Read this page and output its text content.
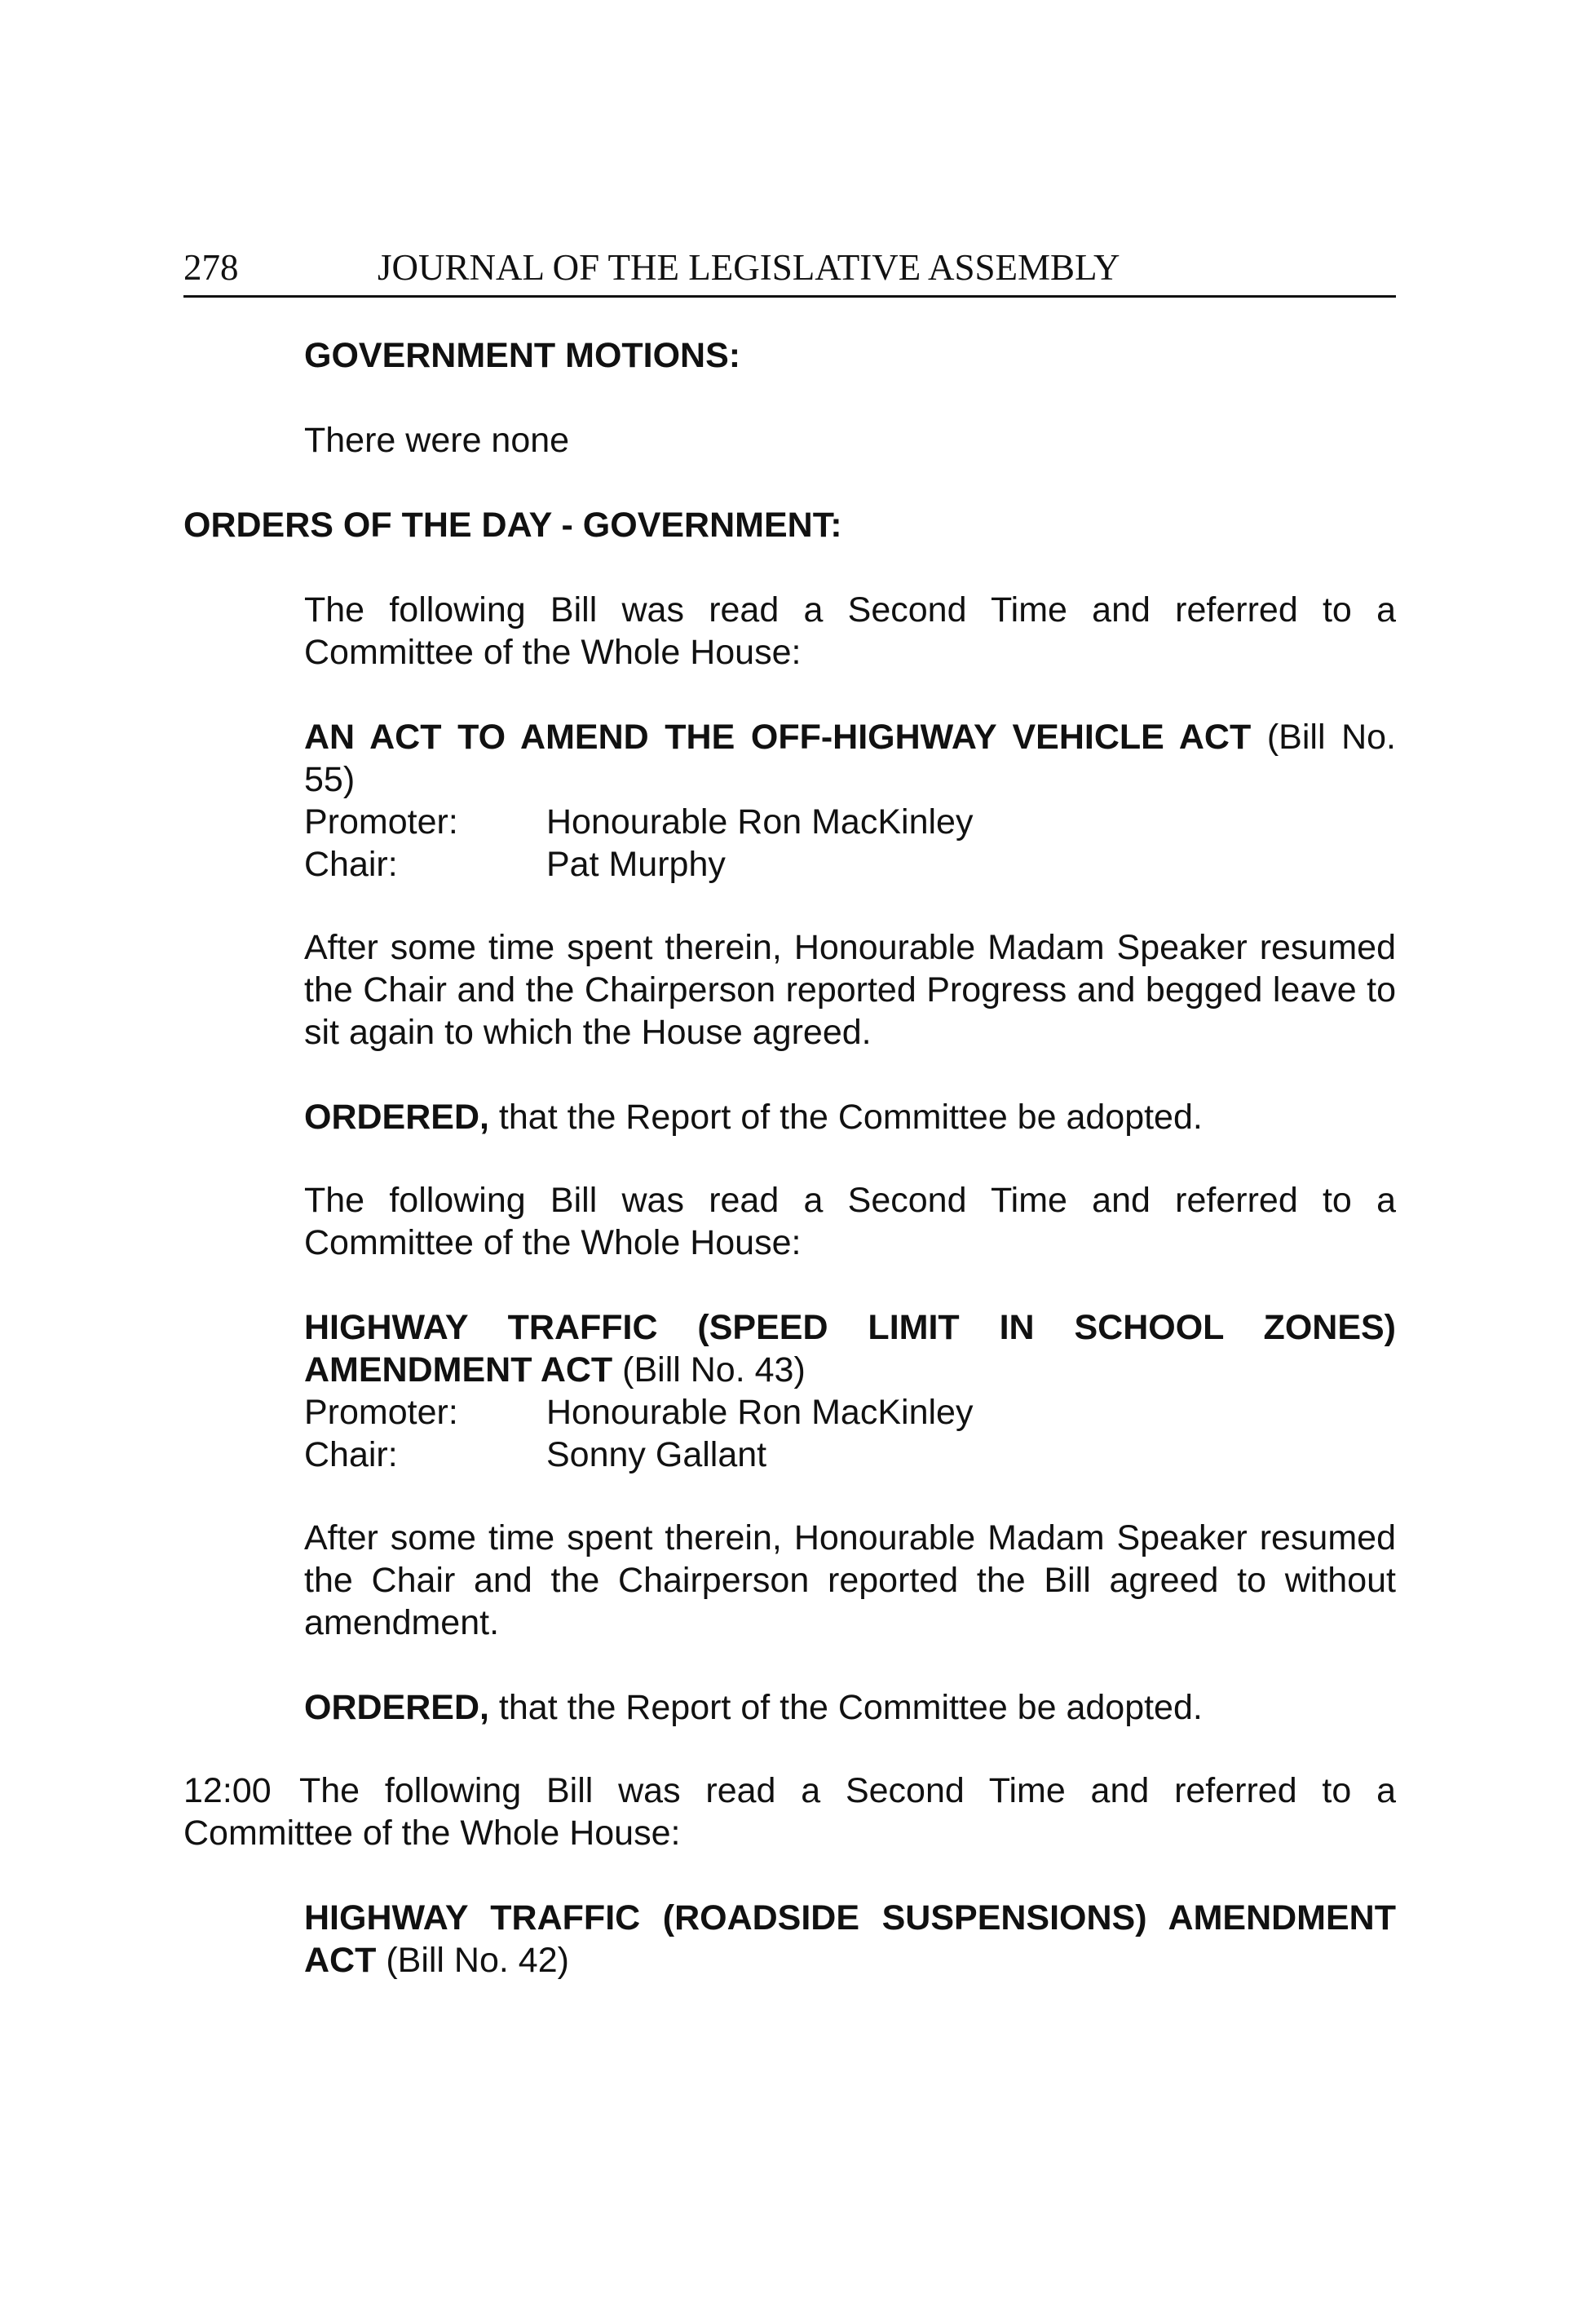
278	JOURNAL OF THE LEGISLATIVE ASSEMBLY
GOVERNMENT MOTIONS:
There were none
ORDERS OF THE DAY - GOVERNMENT:
The following Bill was read a Second Time and referred to a Committee of the Whole House:
AN ACT TO AMEND THE OFF-HIGHWAY VEHICLE ACT (Bill No.
55)
Promoter:	Honourable Ron MacKinley
Chair:	Pat Murphy
After some time spent therein, Honourable Madam Speaker resumed the Chair and the Chairperson reported Progress and begged leave to sit again to which the House agreed.
ORDERED, that the Report of the Committee be adopted.
The following Bill was read a Second Time and referred to a Committee of the Whole House:
HIGHWAY TRAFFIC (SPEED LIMIT IN SCHOOL ZONES)
AMENDMENT ACT (Bill No. 43)
Promoter:	Honourable Ron MacKinley
Chair:	Sonny Gallant
After some time spent therein, Honourable Madam Speaker resumed the Chair and the Chairperson reported the Bill agreed to without amendment.
ORDERED, that the Report of the Committee be adopted.
12:00 The following Bill was read a Second Time and referred to a
Committee of the Whole House:
HIGHWAY TRAFFIC (ROADSIDE SUSPENSIONS) AMENDMENT
ACT (Bill No. 42)
